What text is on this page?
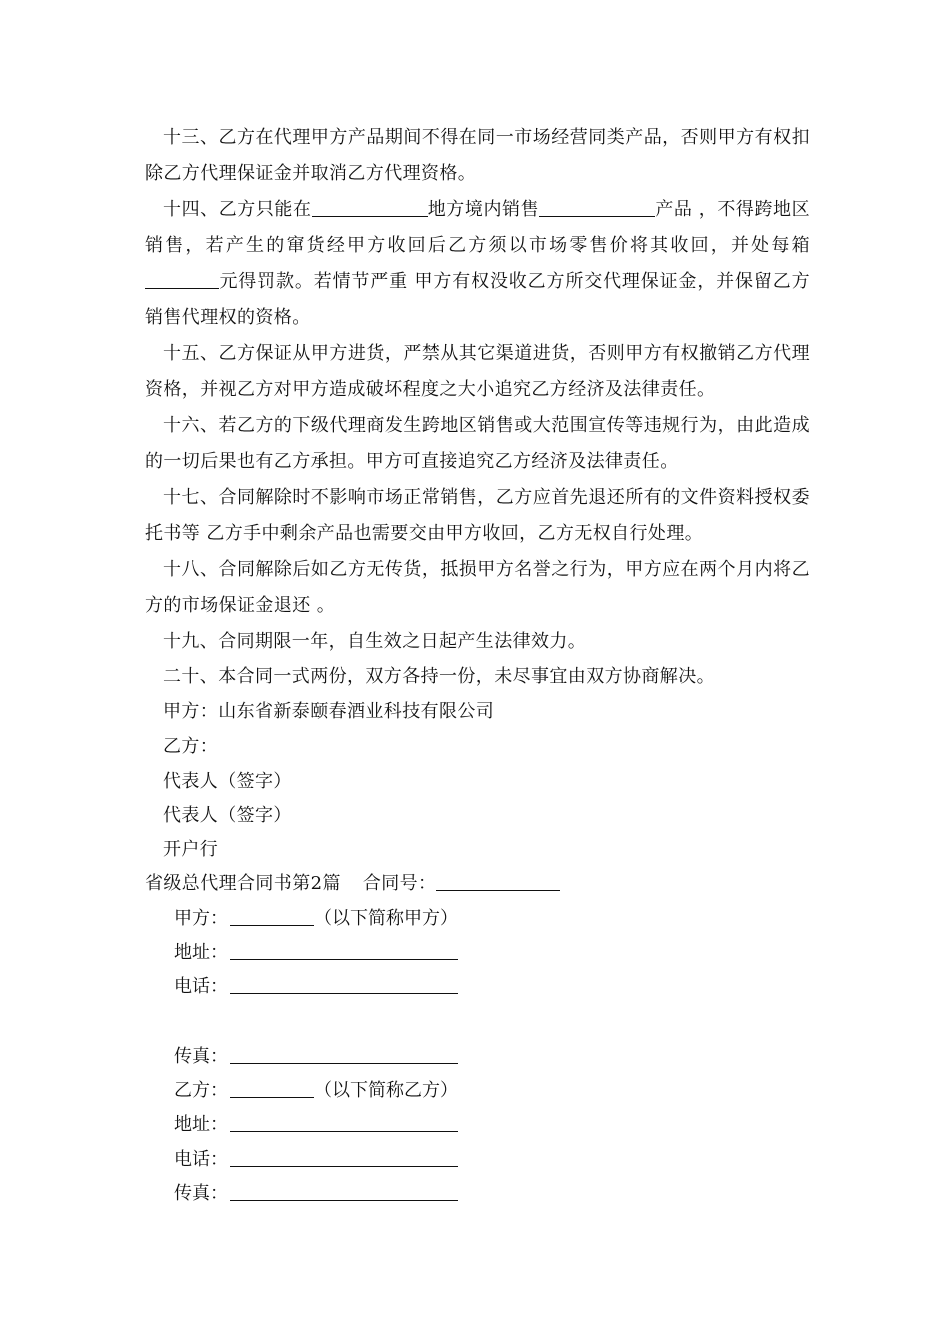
十三、乙方在代理甲方产品期间不得在同一市场经营同类产品，否则甲方有权扣除乙方代理保证金并取消乙方代理资格。

十四、乙方只能在	地方境内销售	产品 ，不得跨地区销售，若产生的窜货经甲方收回后乙方须以市场零售价将其收回，并处每箱元得罚款。若情节严重 甲方有权没收乙方所交代理保证金，并保留乙方销售代理权的资格。

十五、乙方保证从甲方进货，严禁从其它渠道进货，否则甲方有权撤销乙方代理资格，并视乙方对甲方造成破坏程度之大小追究乙方经济及法律责任。

十六、若乙方的下级代理商发生跨地区销售或大范围宣传等违规行为，由此造成的一切后果也有乙方承担。甲方可直接追究乙方经济及法律责任。

十七、合同解除时不影响市场正常销售，乙方应首先退还所有的文件资料授权委托书等 乙方手中剩余产品也需要交由甲方收回，乙方无权自行处理。

十八、合同解除后如乙方无传货，抵损甲方名誉之行为，甲方应在两个月内将乙方的市场保证金退还 。

十九、合同期限一年，自生效之日起产生法律效力。

二十、本合同一式两份，双方各持一份，未尽事宜由双方协商解决。

甲方：山东省新泰颐春酒业科技有限公司
乙方：
代表人（签字）
代表人（签字）
开户行
省级总代理合同书第2篇 合同号：
甲方：	（以下简称甲方）
地址：
电话：
传真：
乙方：	（以下简称乙方）
地址：
电话：
传真：
